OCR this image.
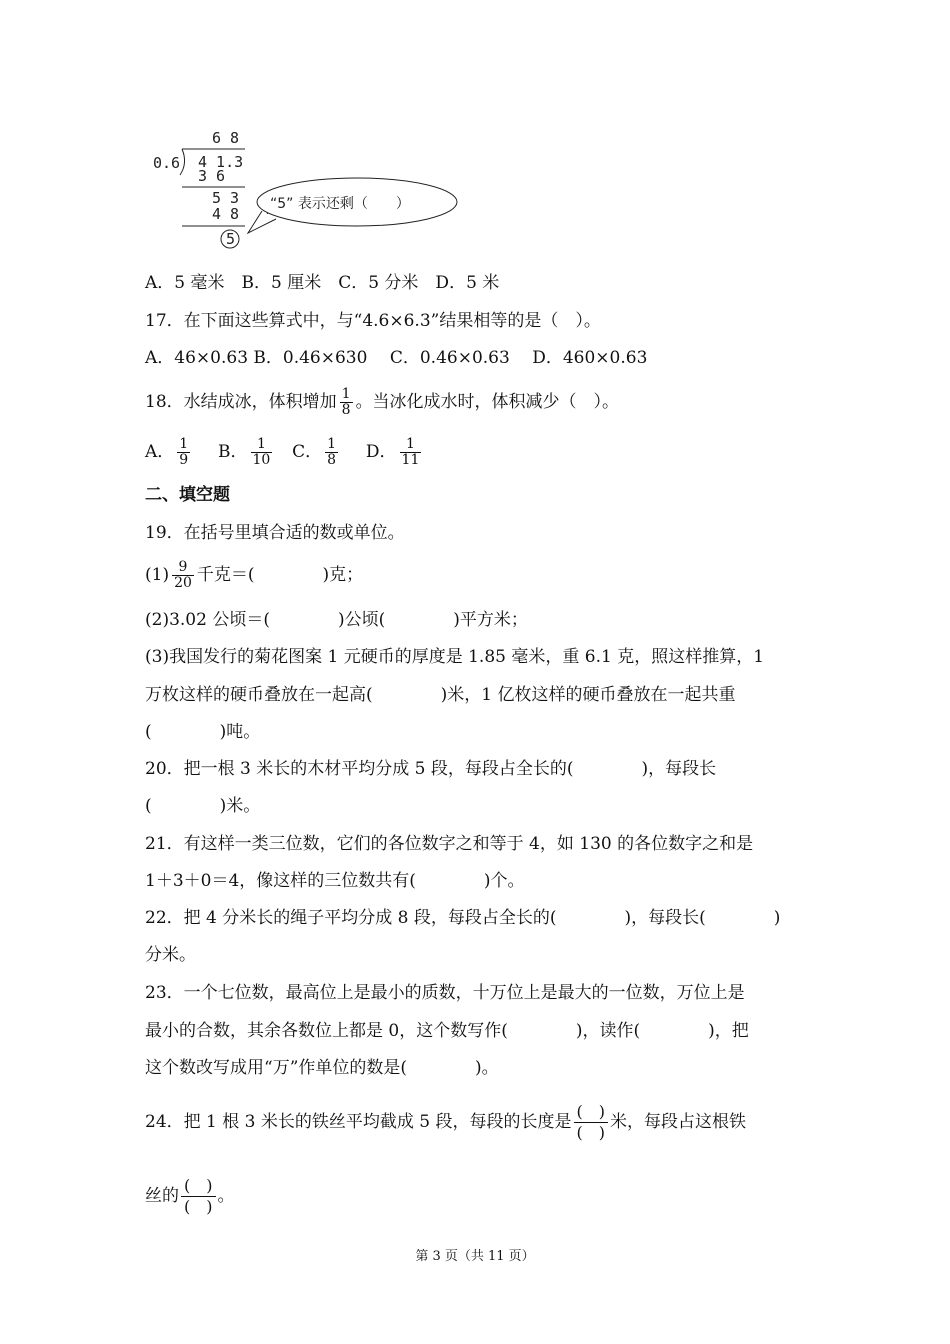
6 8
0.6 4 1.3
3 6
5 3
4 8
5
“5” 表示还剩（　　）
A．5 毫米　B．5 厘米　C．5 分米　D．5 米
17．在下面这些算式中，与“4.6×6.3”结果相等的是（　）。
A．46×0.63 B．0.46×630　 C．0.46×0.63　 D．460×0.63
18．水结成冰，体积增加 $\frac{1}{8}$ 。当冰化成水时，体积减少（　）。
A． $\frac{1}{9}$ B． $\frac{1}{10}$ C． $\frac{1}{8}$ D． $\frac{1}{11}$
二、填空题
19．在括号里填合适的数或单位。
$(1) \frac{9}{20}$ 千克＝(　　　　)克；
(2)3.02 公顷＝(　　　　)公顷(　　　　)平方米；
(3)我国发行的菊花图案 1 元硬币的厚度是 1.85 毫米，重 6.1 克，照这样推算，1
万枚这样的硬币叠放在一起高(　　　　)米，1 亿枚这样的硬币叠放在一起共重
(　　　　)吨。
20．把一根 3 米长的木材平均分成 5 段，每段占全长的(　　　　)，每段长
(　　　　)米。
21．有这样一类三位数，它们的各位数字之和等于 4，如 130 的各位数字之和是
1＋3＋0＝4，像这样的三位数共有(　　　　)个。
22．把 4 分米长的绳子平均分成 8 段，每段占全长的(　　　　)，每段长(　　　　)
分米。
23．一个七位数，最高位上是最小的质数，十万位上是最大的一位数，万位上是
最小的合数，其余各数位上都是 0，这个数写作(　　　　)，读作(　　　　)，把
这个数改写成用“万”作单位的数是(　　　　)。
24．把 1 根 3 米长的铁丝平均截成 5 段，每段的长度是 $\frac{( )}{( )}$ 米，每段占这根铁
丝的 $\frac{( )}{( )}$ 。
第 3 页（共 11 页）
